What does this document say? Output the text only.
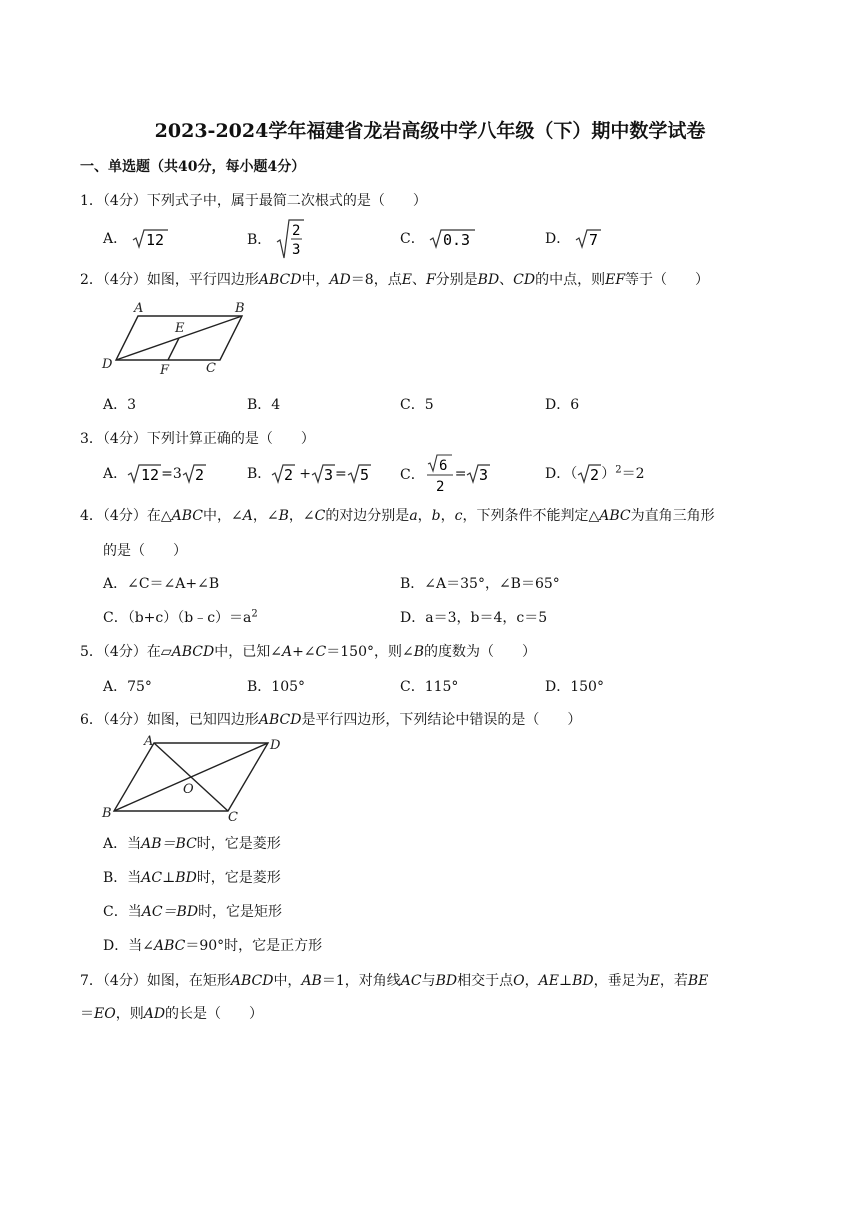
2023-2024学年福建省龙岩高级中学八年级（下）期中数学试卷
一、单选题（共40分，每小题4分）
1．（4分）下列式子中，属于最简二次根式的是（　　）
A． 12	B．
2
3
C． 0.3	D． 7
2．（4分）如图，平行四边形ABCD中，AD＝8，点E、F分别是BD、CD的中点，则EF等于（　　）
A	B
C
D
E
F
A．3	B．4	C．5	D．6
3．（4分）下列计算正确的是（　　）
A． 12 =3 2	B． 2 + 3 = 5 C．
6
2
= 3	D．（ 2 ）$^2$＝2
4．（4分）在△ABC中，∠A，∠B，∠C的对边分别是a，b，c，下列条件不能判定△ABC为直角三角形
的是（　　）
A．∠C＝∠A+∠B	B．∠A＝35°，∠B＝65°
C．$(b+c)(b﹣c)=a^2$	D．a＝3，b＝4，c＝5
5．（4分）在▱ABCD中，已知∠A+∠C＝150°，则∠B的度数为（　　）
A．75°	B．105°	C．115°	D．150°
6．（4分）如图，已知四边形ABCD是平行四边形，下列结论中错误的是（　　）
A	D
B	C
O
A．当AB＝BC时，它是菱形
B．当AC⊥BD时，它是菱形
C．当AC＝BD时，它是矩形
D．当∠ABC＝90°时，它是正方形
7．（4分）如图，在矩形ABCD中，AB＝1，对角线AC与BD相交于点O，AE⊥BD，垂足为E，若BE
＝EO，则AD的长是（　　）
